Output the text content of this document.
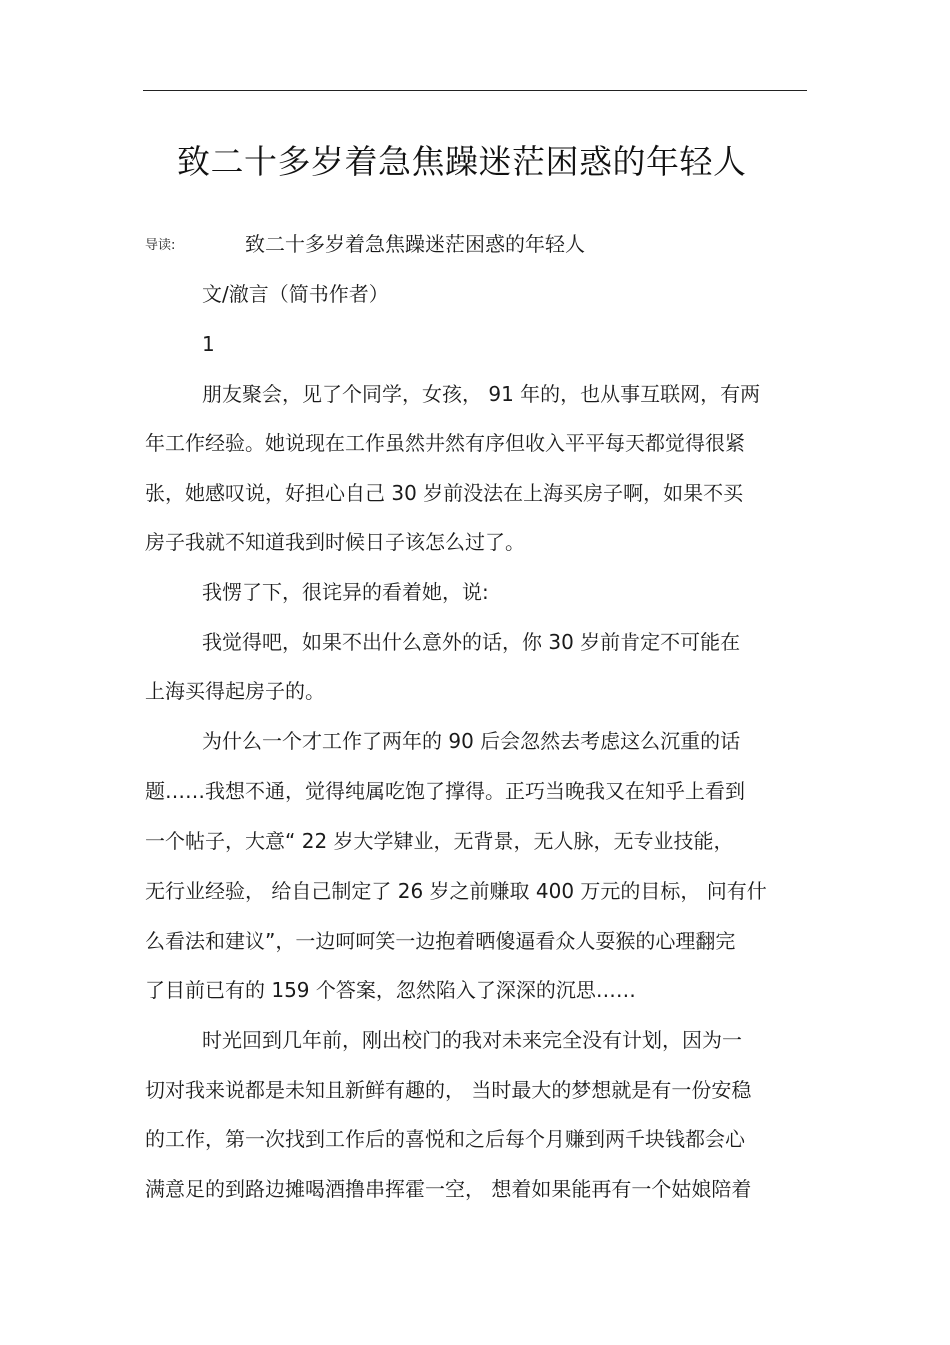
致二十多岁着急焦躁迷茫困惑的年轻人
导读:	致二十多岁着急焦躁迷茫困惑的年轻人
文/澈言（简书作者）
1
朋友聚会，见了个同学，女孩， 91 年的，也从事互联网，有两
年工作经验。她说现在工作虽然井然有序但收入平平每天都觉得很紧
张，她感叹说，好担心自己 30 岁前没法在上海买房子啊，如果不买
房子我就不知道我到时候日子该怎么过了。
我愣了下，很诧异的看着她，说:
我觉得吧，如果不出什么意外的话，你 30 岁前肯定不可能在
上海买得起房子的。
为什么一个才工作了两年的 90 后会忽然去考虑这么沉重的话
题……我想不通，觉得纯属吃饱了撑得。正巧当晚我又在知乎上看到
一个帖子，大意“ 22 岁大学肄业，无背景，无人脉，无专业技能，
无行业经验， 给自己制定了 26 岁之前赚取 400 万元的目标， 问有什
么看法和建议”，一边呵呵笑一边抱着晒傻逼看众人耍猴的心理翻完
了目前已有的 159 个答案，忽然陷入了深深的沉思……
时光回到几年前，刚出校门的我对未来完全没有计划，因为一
切对我来说都是未知且新鲜有趣的， 当时最大的梦想就是有一份安稳
的工作，第一次找到工作后的喜悦和之后每个月赚到两千块钱都会心
满意足的到路边摊喝酒撸串挥霍一空， 想着如果能再有一个姑娘陪着
